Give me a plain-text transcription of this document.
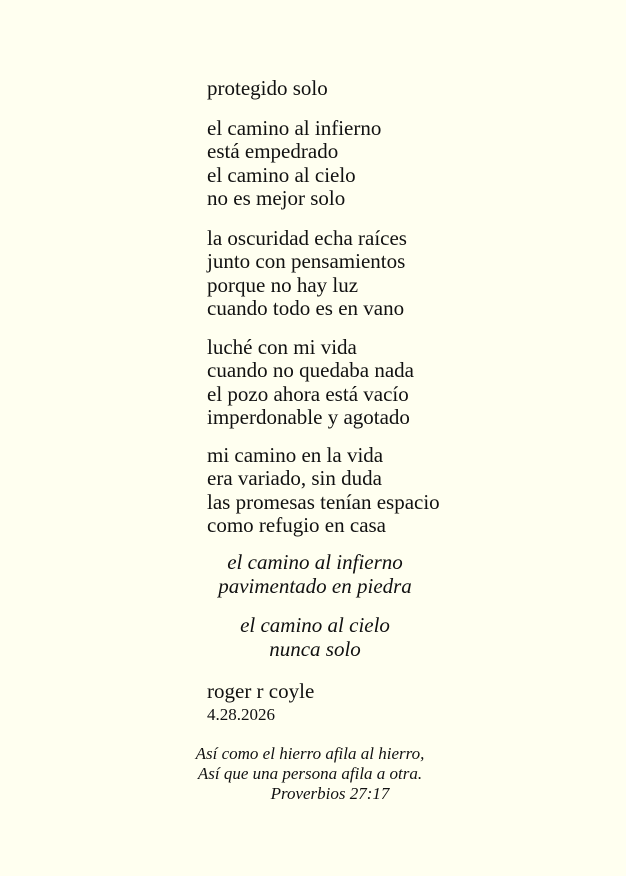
protegido solo
el camino al infierno
está empedrado
el camino al cielo
no es mejor solo
la oscuridad echa raíces
junto con pensamientos
porque no hay luz
cuando todo es en vano
luché con mi vida
cuando no quedaba nada
el pozo ahora está vacío
imperdonable y agotado
mi camino en la vida
era variado, sin duda
las promesas tenían espacio
como refugio en casa
el camino al infierno
pavimentado en piedra
el camino al cielo
nunca solo
roger r coyle
4.28.2026
Así como el hierro afila al hierro,
Así que una persona afila a otra.
Proverbios 27:17
